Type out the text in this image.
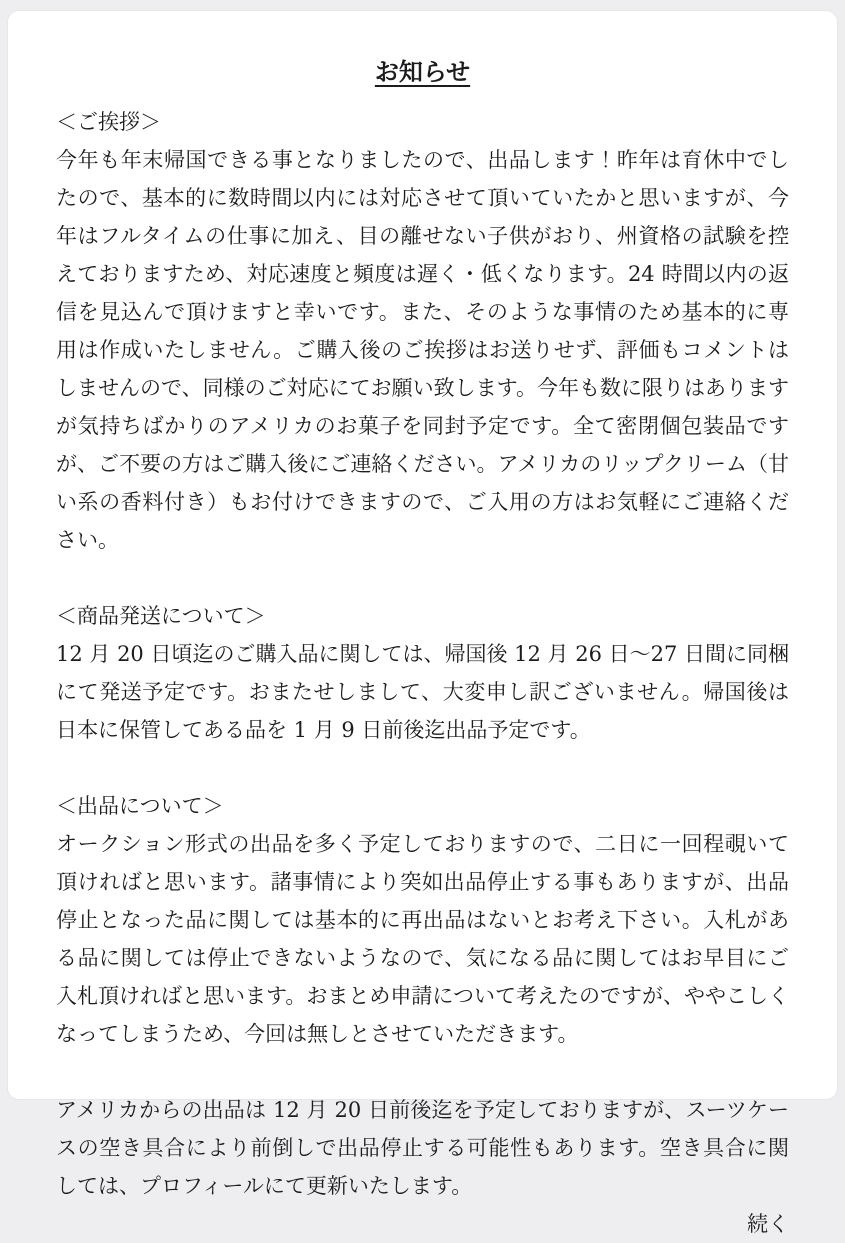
お知らせ
＜ご挨拶＞

今年も年末帰国できる事となりましたので、出品します！昨年は育休中でしたので、基本的に数時間以内には対応させて頂いていたかと思いますが、今年はフルタイムの仕事に加え、目の離せない子供がおり、州資格の試験を控えておりますため、対応速度と頻度は遅く・低くなります。24 時間以内の返信を見込んで頂けますと幸いです。また、そのような事情のため基本的に専用は作成いたしません。ご購入後のご挨拶はお送りせず、評価もコメントはしませんので、同様のご対応にてお願い致します。今年も数に限りはありますが気持ちばかりのアメリカのお菓子を同封予定です。全て密閉個包装品ですが、ご不要の方はご購入後にご連絡ください。アメリカのリップクリーム（甘い系の香料付き）もお付けできますので、ご入用の方はお気軽にご連絡ください。

＜商品発送について＞

12 月 20 日頃迄のご購入品に関しては、帰国後 12 月 26 日〜27 日間に同梱にて発送予定です。おまたせしまして、大変申し訳ございません。帰国後は日本に保管してある品を 1 月 9 日前後迄出品予定です。

＜出品について＞

オークション形式の出品を多く予定しておりますので、二日に一回程覗いて頂ければと思います。諸事情により突如出品停止する事もありますが、出品停止となった品に関しては基本的に再出品はないとお考え下さい。入札がある品に関しては停止できないようなので、気になる品に関してはお早目にご入札頂ければと思います。おまとめ申請について考えたのですが、ややこしくなってしまうため、今回は無しとさせていただきます。

アメリカからの出品は 12 月 20 日前後迄を予定しておりますが、スーツケースの空き具合により前倒しで出品停止する可能性もあります。空き具合に関しては、プロフィールにて更新いたします。

続く
